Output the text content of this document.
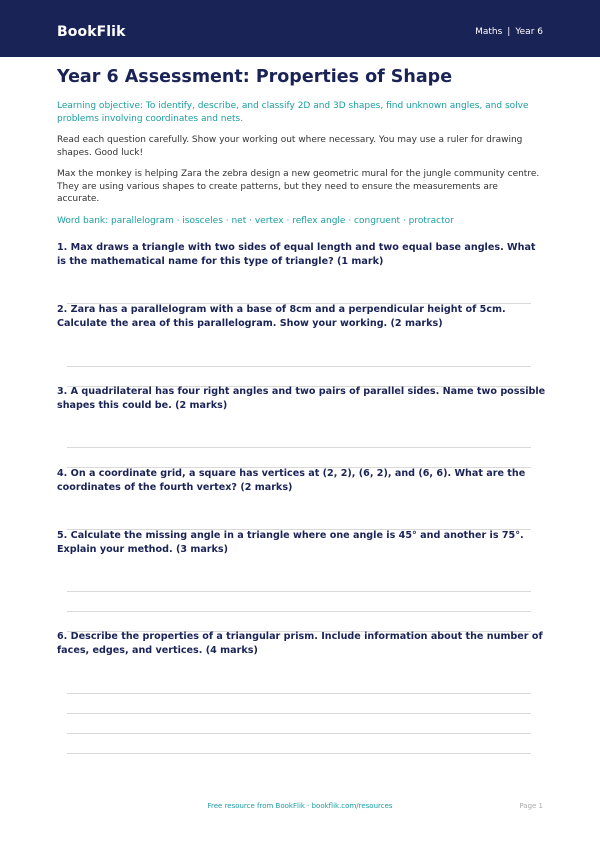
BookFlik	Maths | Year 6
Year 6 Assessment: Properties of Shape
Learning objective: To identify, describe, and classify 2D and 3D shapes, find unknown angles, and solve problems involving coordinates and nets.
Read each question carefully. Show your working out where necessary. You may use a ruler for drawing shapes. Good luck!
Max the monkey is helping Zara the zebra design a new geometric mural for the jungle community centre. They are using various shapes to create patterns, but they need to ensure the measurements are accurate.
Word bank: parallelogram · isosceles · net · vertex · reflex angle · congruent · protractor
1. Max draws a triangle with two sides of equal length and two equal base angles. What is the mathematical name for this type of triangle? (1 mark)
2. Zara has a parallelogram with a base of 8cm and a perpendicular height of 5cm. Calculate the area of this parallelogram. Show your working. (2 marks)
3. A quadrilateral has four right angles and two pairs of parallel sides. Name two possible shapes this could be. (2 marks)
4. On a coordinate grid, a square has vertices at (2, 2), (6, 2), and (6, 6). What are the coordinates of the fourth vertex? (2 marks)
5. Calculate the missing angle in a triangle where one angle is 45° and another is 75°. Explain your method. (3 marks)
6. Describe the properties of a triangular prism. Include information about the number of faces, edges, and vertices. (4 marks)
Free resource from BookFlik · bookflik.com/resources	Page 1
